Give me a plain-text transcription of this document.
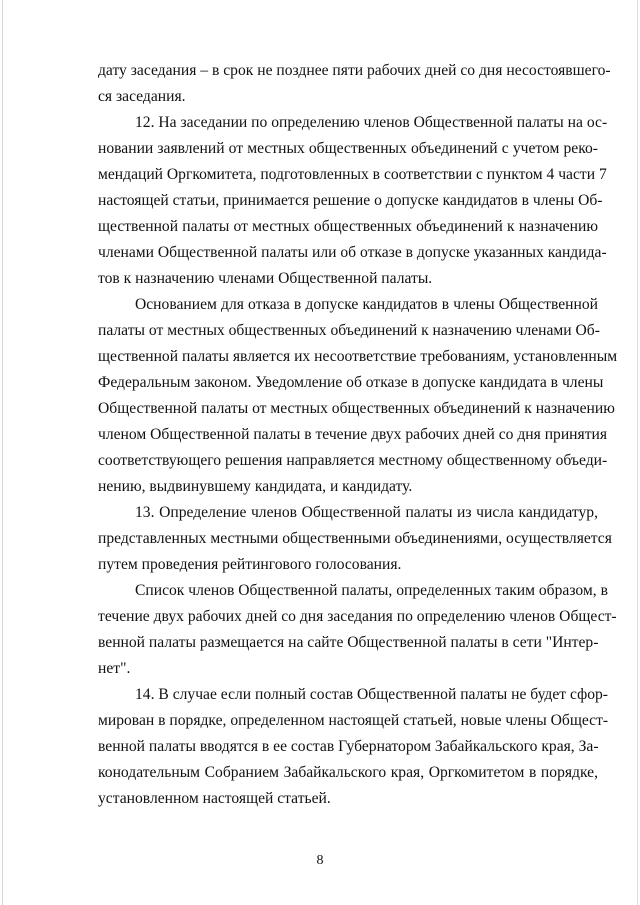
дату заседания – в срок не позднее пяти рабочих дней со дня несостоявшего-
ся заседания.
12. На заседании по определению членов Общественной палаты на ос-
новании заявлений от местных общественных объединений с учетом реко-
мендаций Оргкомитета, подготовленных в соответствии с пунктом 4 части 7
настоящей статьи, принимается решение о допуске кандидатов в члены Об-
щественной палаты от местных общественных объединений к назначению
членами Общественной палаты или об отказе в допуске указанных кандида-
тов к назначению членами Общественной палаты.
Основанием для отказа в допуске кандидатов в члены Общественной
палаты от местных общественных объединений к назначению членами Об-
щественной палаты является их несоответствие требованиям, установленным
Федеральным законом. Уведомление об отказе в допуске кандидата в члены
Общественной палаты от местных общественных объединений к назначению
членом Общественной палаты в течение двух рабочих дней со дня принятия
соответствующего решения направляется местному общественному объеди-
нению, выдвинувшему кандидата, и кандидату.
13. Определение членов Общественной палаты из числа кандидатур,
представленных местными общественными объединениями, осуществляется
путем проведения рейтингового голосования.
Список членов Общественной палаты, определенных таким образом, в
течение двух рабочих дней со дня заседания по определению членов Общест-
венной палаты размещается на сайте Общественной палаты в сети "Интер-
нет".
14. В случае если полный состав Общественной палаты не будет сфор-
мирован в порядке, определенном настоящей статьей, новые члены Общест-
венной палаты вводятся в ее состав Губернатором Забайкальского края, За-
конодательным Собранием Забайкальского края, Оргкомитетом в порядке,
установленном настоящей статьей.
8
